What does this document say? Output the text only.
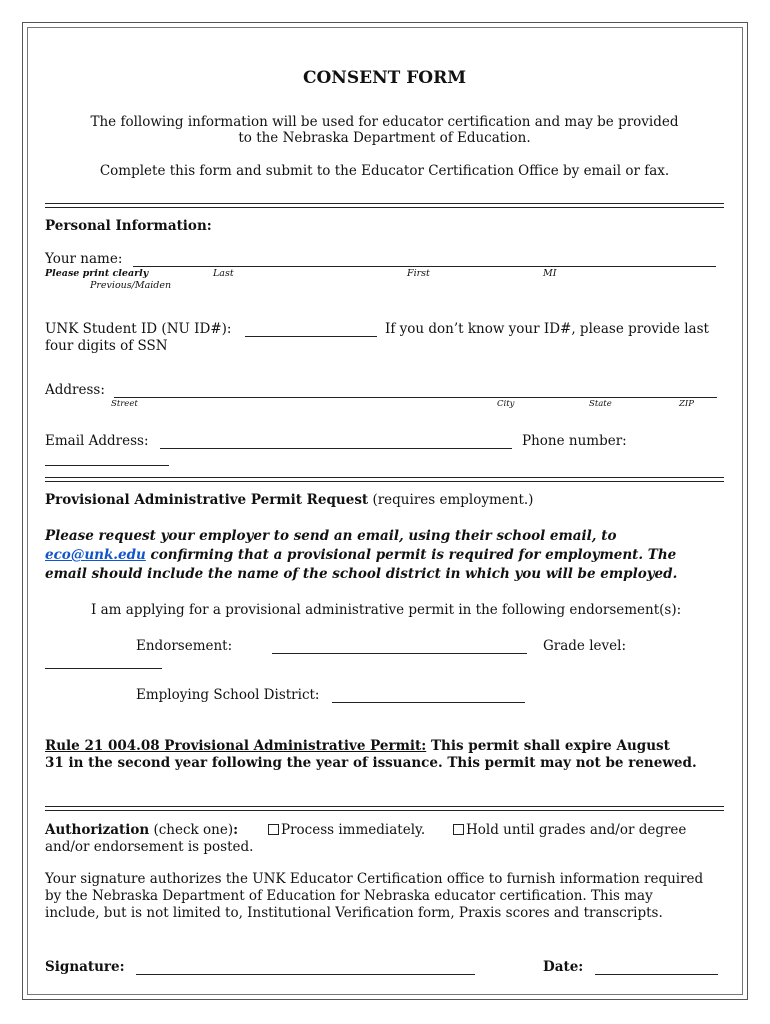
CONSENT FORM
The following information will be used for educator certification and may be provided
to the Nebraska Department of Education.
Complete this form and submit to the Educator Certification Office by email or fax.
Personal Information:
Your name:
Please print clearly	Last	First	MI
Previous/Maiden
UNK Student ID (NU ID#):	If you don’t know your ID#, please provide last
four digits of SSN
Address:
Street	City	State	ZIP
Email Address:	Phone number:
Provisional Administrative Permit Request (requires employment.)
Please request your employer to send an email, using their school email, to
eco@unk.edu confirming that a provisional permit is required for employment. The
email should include the name of the school district in which you will be employed.
I am applying for a provisional administrative permit in the following endorsement(s):
Endorsement:	Grade level:
Employing School District:
Rule 21 004.08 Provisional Administrative Permit: This permit shall expire August
31 in the second year following the year of issuance. This permit may not be renewed.
Authorization (check one):	Process immediately.	Hold until grades and/or degree
and/or endorsement is posted.
Your signature authorizes the UNK Educator Certification office to furnish information required
by the Nebraska Department of Education for Nebraska educator certification. This may
include, but is not limited to, Institutional Verification form, Praxis scores and transcripts.
Signature:	Date:
